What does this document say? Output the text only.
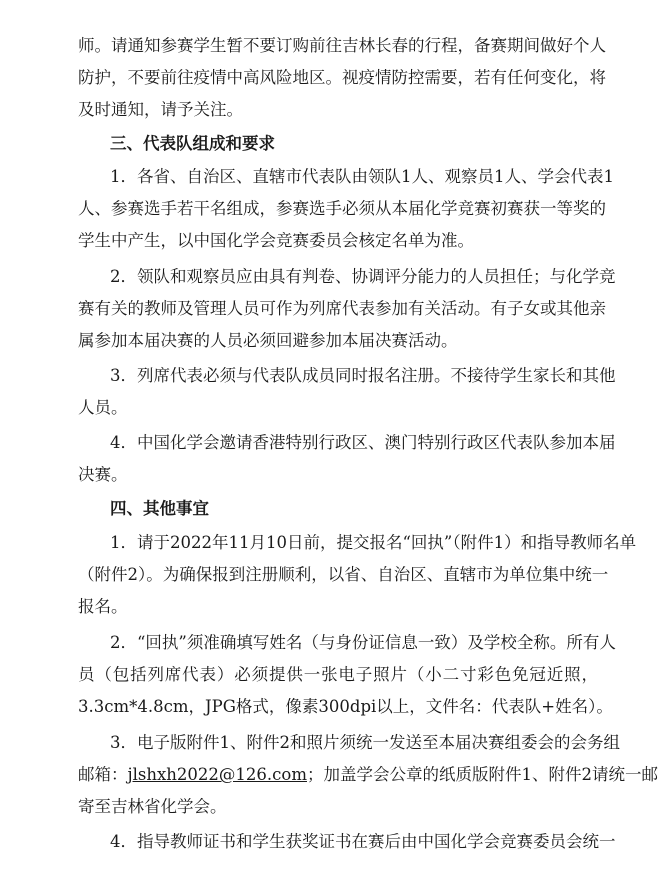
师。请通知参赛学生暂不要订购前往吉林长春的行程，备赛期间做好个人
防护，不要前往疫情中高风险地区。视疫情防控需要，若有任何变化，将
及时通知，请予关注。
三、代表队组成和要求
1．各省、自治区、直辖市代表队由领队1人、观察员1人、学会代表1
人、参赛选手若干名组成，参赛选手必须从本届化学竞赛初赛获一等奖的
学生中产生，以中国化学会竞赛委员会核定名单为准。
2．领队和观察员应由具有判卷、协调评分能力的人员担任；与化学竞
赛有关的教师及管理人员可作为列席代表参加有关活动。有子女或其他亲
属参加本届决赛的人员必须回避参加本届决赛活动。
3．列席代表必须与代表队成员同时报名注册。不接待学生家长和其他
人员。
4．中国化学会邀请香港特别行政区、澳门特别行政区代表队参加本届
决赛。
四、其他事宜
1．请于2022年11月10日前，提交报名“回执”（附件1）和指导教师名单
（附件2）。为确保报到注册顺利，以省、自治区、直辖市为单位集中统一
报名。
2．“回执”须准确填写姓名（与身份证信息一致）及学校全称。所有人
员（包括列席代表）必须提供一张电子照片（小二寸彩色免冠近照，
3.3cm*4.8cm，JPG格式，像素300dpi以上，文件名：代表队+姓名）。
3．电子版附件1、附件2和照片须统一发送至本届决赛组委会的会务组
邮箱：jlshxh2022@126.com；加盖学会公章的纸质版附件1、附件2请统一邮
寄至吉林省化学会。
4．指导教师证书和学生获奖证书在赛后由中国化学会竞赛委员会统一
